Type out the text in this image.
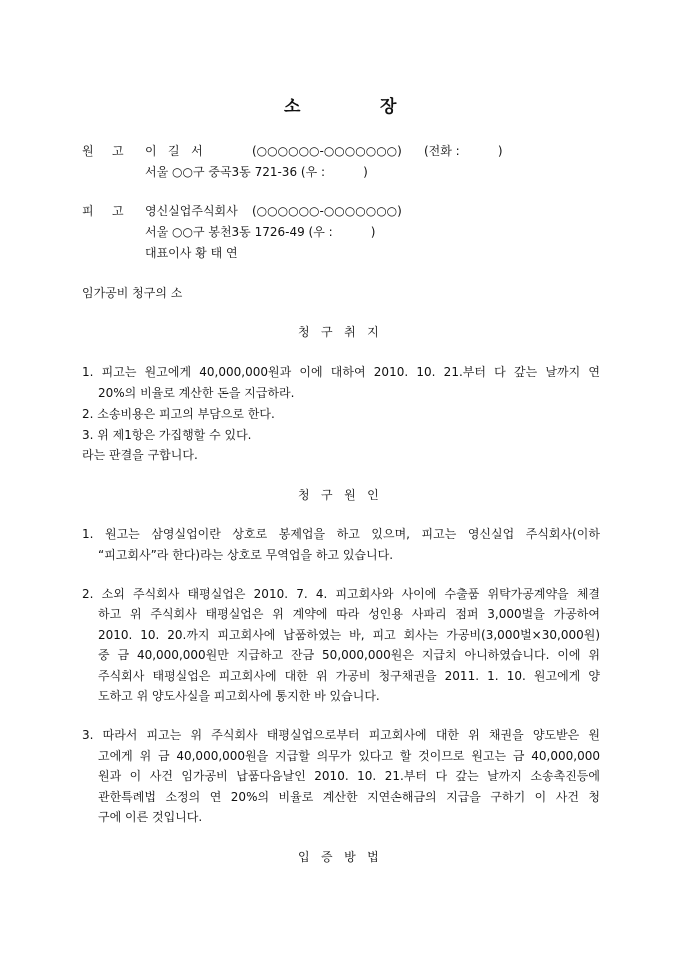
소	장
원 고 이   길   서	(○○○○○○-○○○○○○○) (전화 :          )
서울 ○○구 중곡3동 721-36 (우 :          )
피 고 영신실업주식회사 (○○○○○○-○○○○○○○)
서울 ○○구 봉천3동 1726-49 (우 :          )
대표이사 황 태 연
임가공비 청구의 소
청   구   취   지
1. 피고는 원고에게 40,000,000원과 이에 대하여 2010. 10. 21.부터 다 갚는 날까지 연
20%의 비율로 계산한 돈을 지급하라.
2. 소송비용은 피고의 부담으로 한다.
3. 위 제1항은 가집행할 수 있다.
라는 판결을 구합니다.
청   구   원   인
1. 원고는 삼영실업이란 상호로 봉제업을 하고 있으며, 피고는 영신실업 주식회사(이하
“피고회사”라 한다)라는 상호로 무역업을 하고 있습니다.
2. 소외 주식회사 태평실업은 2010. 7. 4. 피고회사와 사이에 수출품 위탁가공계약을 체결
하고 위 주식회사 태평실업은 위 계약에 따라 성인용 사파리 점퍼 3,000벌을 가공하여
2010. 10. 20.까지 피고회사에 납품하였는 바, 피고 회사는 가공비(3,000벌×30,000원)
중 금 40,000,000원만 지급하고 잔금 50,000,000원은 지급치 아니하였습니다. 이에 위
주식회사 태평실업은 피고회사에 대한 위 가공비 청구채권을 2011. 1. 10. 원고에게 양
도하고 위 양도사실을 피고회사에 통지한 바 있습니다.
3. 따라서 피고는 위 주식회사 태평실업으로부터 피고회사에 대한 위 채권을 양도받은 원
고에게 위 금 40,000,000원을 지급할 의무가 있다고 할 것이므로 원고는 금 40,000,000
원과 이 사건 임가공비 납품다음날인 2010. 10. 21.부터 다 갚는 날까지 소송촉진등에
관한특례법 소정의 연 20%의 비율로 계산한 지연손해금의 지급을 구하기 이 사건 청
구에 이른 것입니다.
입   증   방   법
